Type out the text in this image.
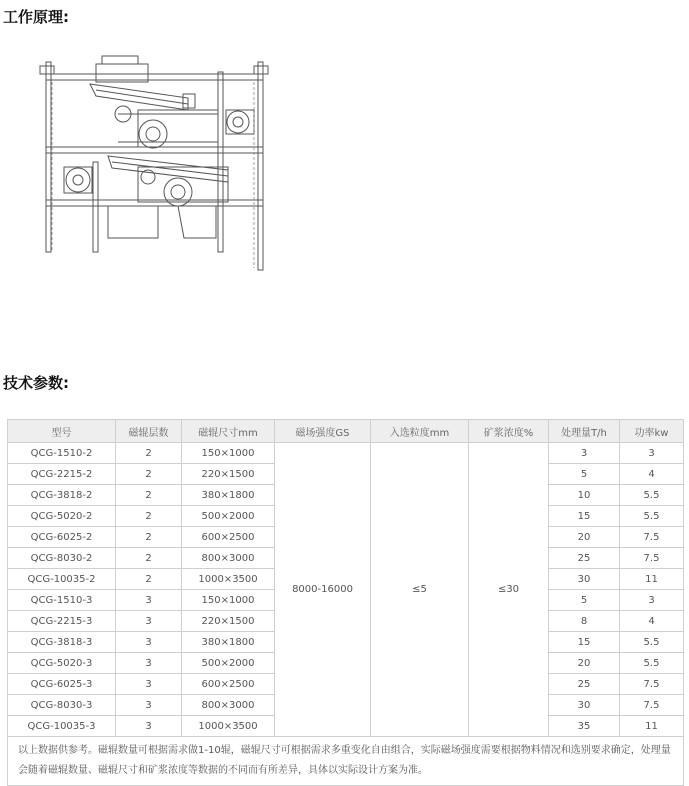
工作原理:
技术参数:
型号	磁辊层数	磁辊尺寸mm	磁场强度GS	入选粒度mm	矿浆浓度%	处理量T/h	功率kw
QCG-1510-2	2	150×1000	8000-16000	≤5	≤30	3	3
QCG-2215-2	2	220×1500				5	4
QCG-3818-2	2	380×1800				10	5.5
QCG-5020-2	2	500×2000				15	5.5
QCG-6025-2	2	600×2500				20	7.5
QCG-8030-2	2	800×3000				25	7.5
QCG-10035-2	2	1000×3500				30	11
QCG-1510-3	3	150×1000				5	3
QCG-2215-3	3	220×1500				8	4
QCG-3818-3	3	380×1800				15	5.5
QCG-5020-3	3	500×2000				20	5.5
QCG-6025-3	3	600×2500				25	7.5
QCG-8030-3	3	800×3000				30	7.5
QCG-10035-3	3	1000×3500				35	11
以上数据供参考。磁辊数量可根据需求做1-10辊，磁辊尺寸可根据需求多重变化自由组合，实际磁场强度需要根据物料情况和选别要求确定，处理量会随着磁辊数量、磁辊尺寸和矿浆浓度等数据的不同而有所差异，具体以实际设计方案为准。							
